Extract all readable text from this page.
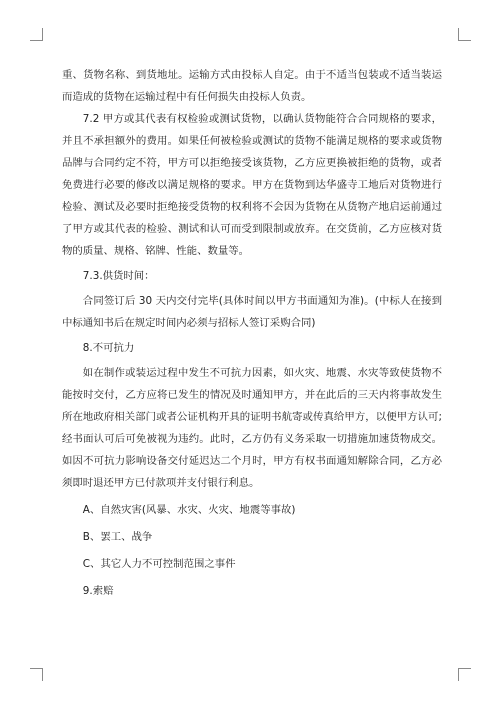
重、货物名称、到货地址。运输方式由投标人自定。由于不适当包装或不适当装运而造成的货物在运输过程中有任何损失由投标人负责。

7.2 甲方或其代表有权检验或测试货物，以确认货物能符合合同规格的要求，并且不承担额外的费用。如果任何被检验或测试的货物不能满足规格的要求或货物品牌与合同约定不符，甲方可以拒绝接受该货物，乙方应更换被拒绝的货物，或者免费进行必要的修改以满足规格的要求。甲方在货物到达华盛寺工地后对货物进行检验、测试及必要时拒绝接受货物的权利将不会因为货物在从货物产地启运前通过了甲方或其代表的检验、测试和认可而受到限制或放弃。在交货前，乙方应核对货物的质量、规格、铭牌、性能、数量等。

7.3.供货时间：

合同签订后 30 天内交付完毕(具体时间以甲方书面通知为准)。(中标人在接到中标通知书后在规定时间内必须与招标人签订采购合同)

8.不可抗力

如在制作或装运过程中发生不可抗力因素，如火灾、地震、水灾等致使货物不能按时交付，乙方应将已发生的情况及时通知甲方，并在此后的三天内将事故发生所在地政府相关部门或者公证机构开具的证明书航寄或传真给甲方，以便甲方认可;经书面认可后可免被视为违约。此时，乙方仍有义务采取一切措施加速货物成交。如因不可抗力影响设备交付延迟达二个月时，甲方有权书面通知解除合同，乙方必须即时退还甲方已付款项并支付银行利息。

A、自然灾害(风暴、水灾、火灾、地震等事故)

B、罢工、战争

C、其它人力不可控制范围之事件

9.索赔
